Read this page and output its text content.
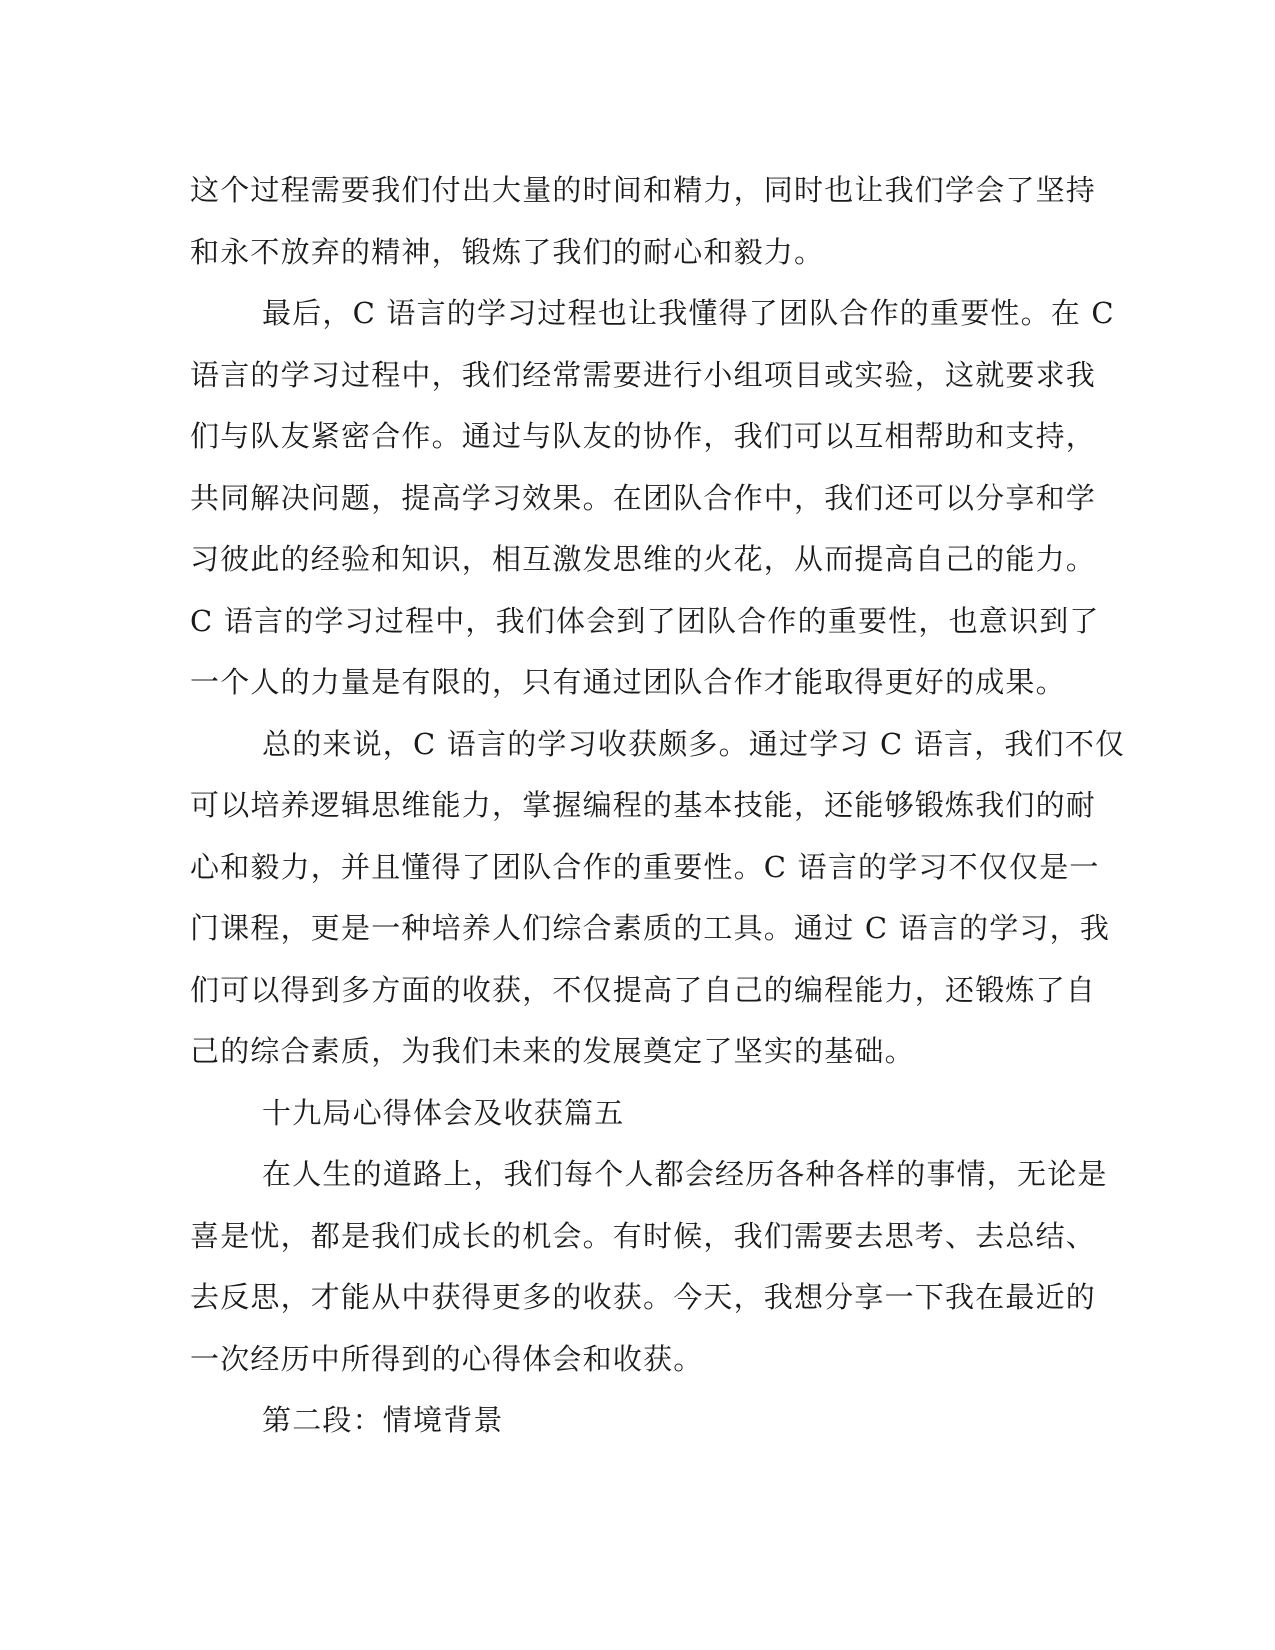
这个过程需要我们付出大量的时间和精力，同时也让我们学会了坚持
和永不放弃的精神，锻炼了我们的耐心和毅力。
最后，C 语言的学习过程也让我懂得了团队合作的重要性。在 C
语言的学习过程中，我们经常需要进行小组项目或实验，这就要求我
们与队友紧密合作。通过与队友的协作，我们可以互相帮助和支持，
共同解决问题，提高学习效果。在团队合作中，我们还可以分享和学
习彼此的经验和知识，相互激发思维的火花，从而提高自己的能力。
C 语言的学习过程中，我们体会到了团队合作的重要性，也意识到了
一个人的力量是有限的，只有通过团队合作才能取得更好的成果。
总的来说，C 语言的学习收获颇多。通过学习 C 语言，我们不仅
可以培养逻辑思维能力，掌握编程的基本技能，还能够锻炼我们的耐
心和毅力，并且懂得了团队合作的重要性。C 语言的学习不仅仅是一
门课程，更是一种培养人们综合素质的工具。通过 C 语言的学习，我
们可以得到多方面的收获，不仅提高了自己的编程能力，还锻炼了自
己的综合素质，为我们未来的发展奠定了坚实的基础。
十九局心得体会及收获篇五
在人生的道路上，我们每个人都会经历各种各样的事情，无论是
喜是忧，都是我们成长的机会。有时候，我们需要去思考、去总结、
去反思，才能从中获得更多的收获。今天，我想分享一下我在最近的
一次经历中所得到的心得体会和收获。
第二段：情境背景
